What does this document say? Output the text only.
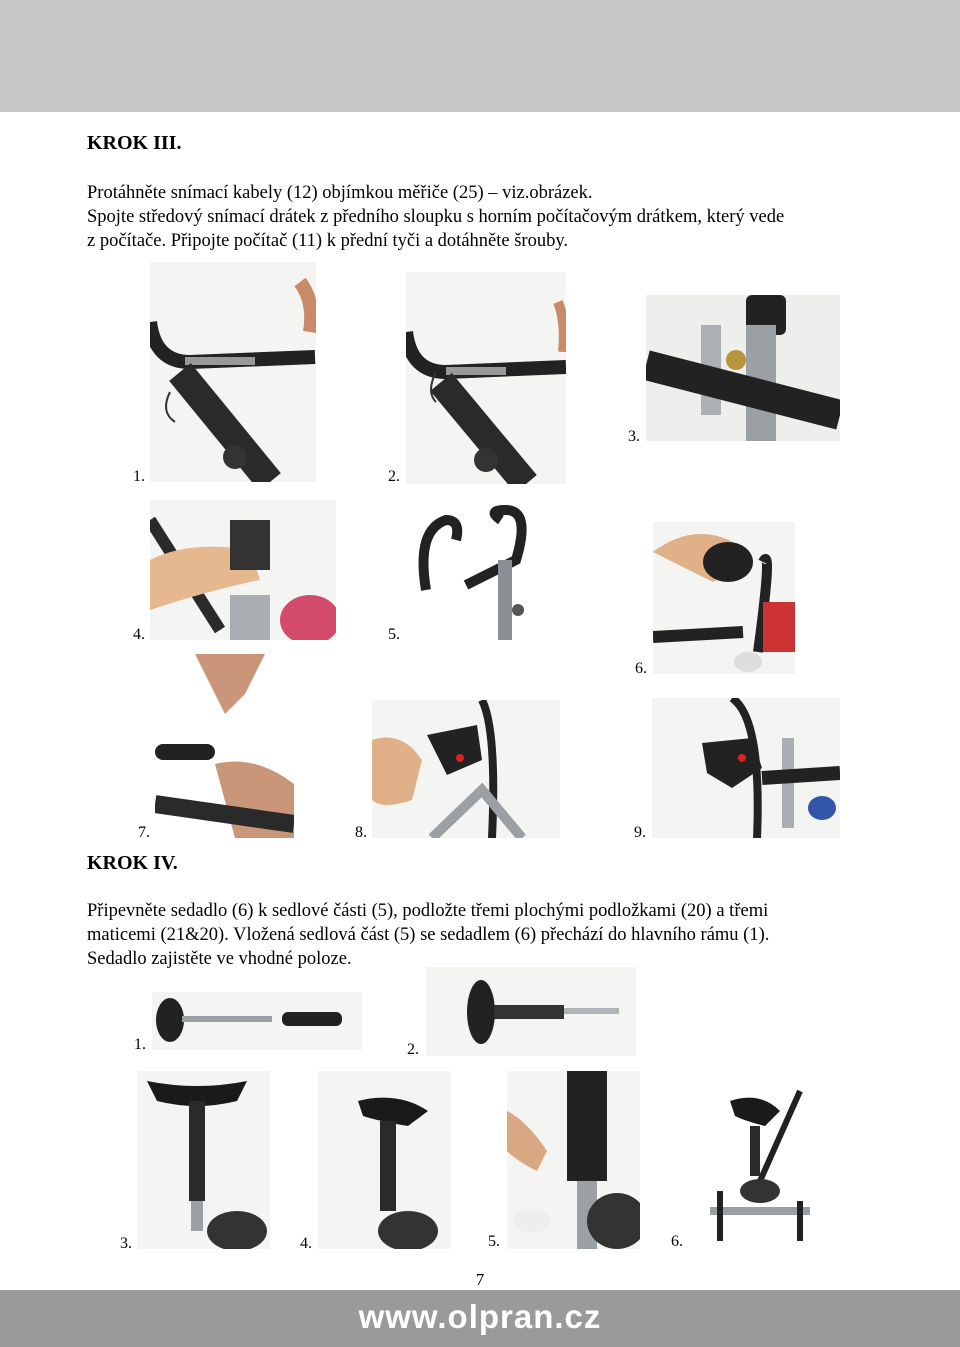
KROK III.
Protáhněte snímací kabely (12) objímkou měřiče (25) – viz.obrázek.
Spojte středový snímací drátek z předního sloupku s horním počítačovým drátkem, který vede
z počítače. Připojte počítač (11) k přední tyči a dotáhněte šrouby.
1.	2.
3.
4.	5.
6.
7.	8.	9.
KROK IV.
Připevněte sedadlo (6) k sedlové části (5), podložte třemi plochými podložkami (20) a třemi
maticemi (21&20). Vložená sedlová část (5) se sedadlem (6) přechází do hlavního rámu (1).
Sedadlo zajistěte ve vhodné poloze.
1.	2.
3.	4.	5.	6.
7
www.olpran.cz
